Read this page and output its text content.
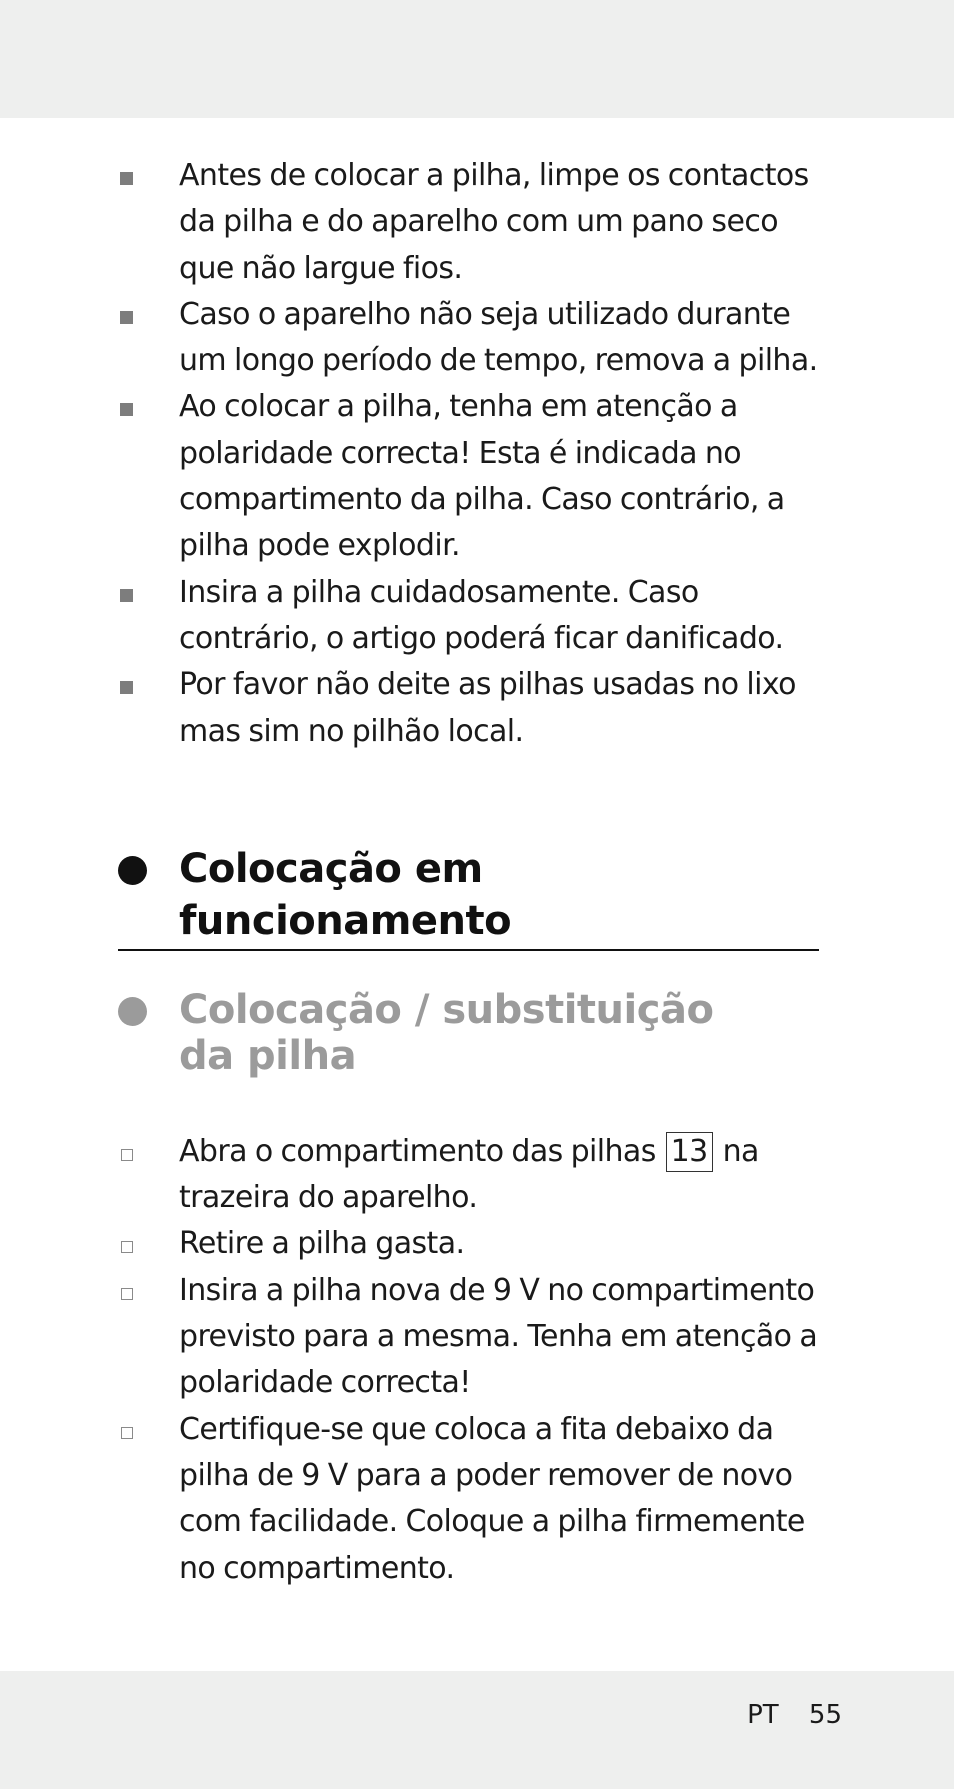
Antes de colocar a pilha, limpe os contactos da pilha e do aparelho com um pano seco que não largue fios.
Caso o aparelho não seja utilizado durante um longo período de tempo, remova a pilha.
Ao colocar a pilha, tenha em atenção a polaridade correcta! Esta é indicada no compartimento da pilha. Caso contrário, a pilha pode explodir.
Insira a pilha cuidadosamente. Caso contrário, o artigo poderá ficar danificado.
Por favor não deite as pilhas usadas no lixo mas sim no pilhão local.
Colocação em funcionamento
Colocação / substituição da pilha
Abra o compartimento das pilhas 13 na trazeira do aparelho.
Retire a pilha gasta.
Insira a pilha nova de 9 V no compartimento previsto para a mesma. Tenha em atenção a polaridade correcta!
Certifique-se que coloca a fita debaixo da pilha de 9 V para a poder remover de novo com facilidade. Coloque a pilha firmemente no compartimento.
PT 55
